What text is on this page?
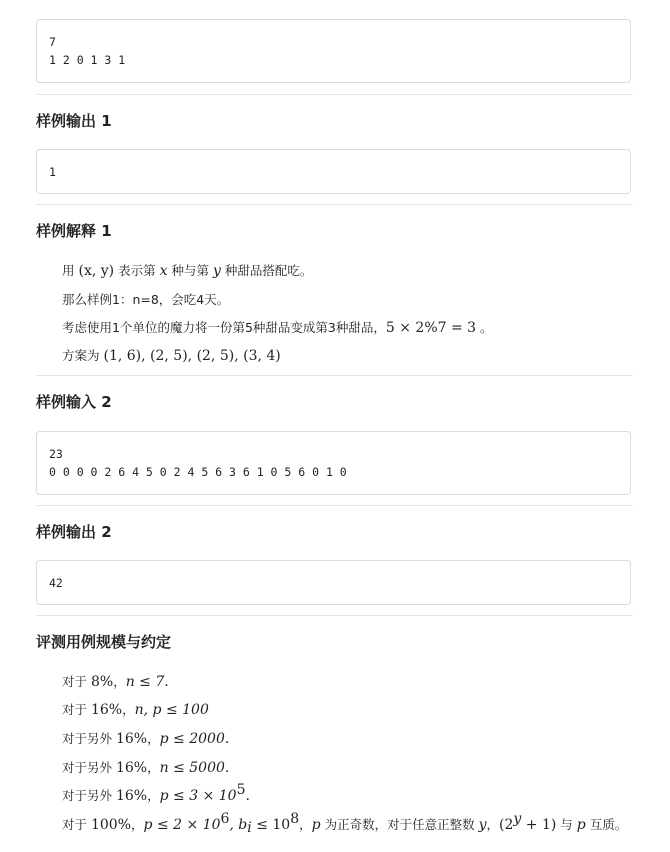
7
1 2 0 1 3 1
样例输出 1
1
样例解释 1

用 (x, y) 表示第 x 种与第 y 种甜品搭配吃。

那么样例1：n=8，会吃4天。

考虑使用1个单位的魔力将一份第5种甜品变成第3种甜品，5 × 2%7 = 3 。

方案为 (1, 6), (2, 5), (2, 5), (3, 4)

样例输入 2
23
0 0 0 0 2 6 4 5 0 2 4 5 6 3 6 1 0 5 6 0 1 0
样例输出 2
42
评测用例规模与约定

对于 8%，n ≤ 7.

对于 16%，n, p ≤ 100

对于另外 16%，p ≤ 2000.

对于另外 16%，n ≤ 5000.

对于另外 16%，$p \le 3 \times 10^5$.

对于 100%，$p \le 2 \times 10^6$, $b_i \le 10^8$，p 为正奇数，对于任意正整数 y，$(2^y + 1)$ 与 p 互质。
